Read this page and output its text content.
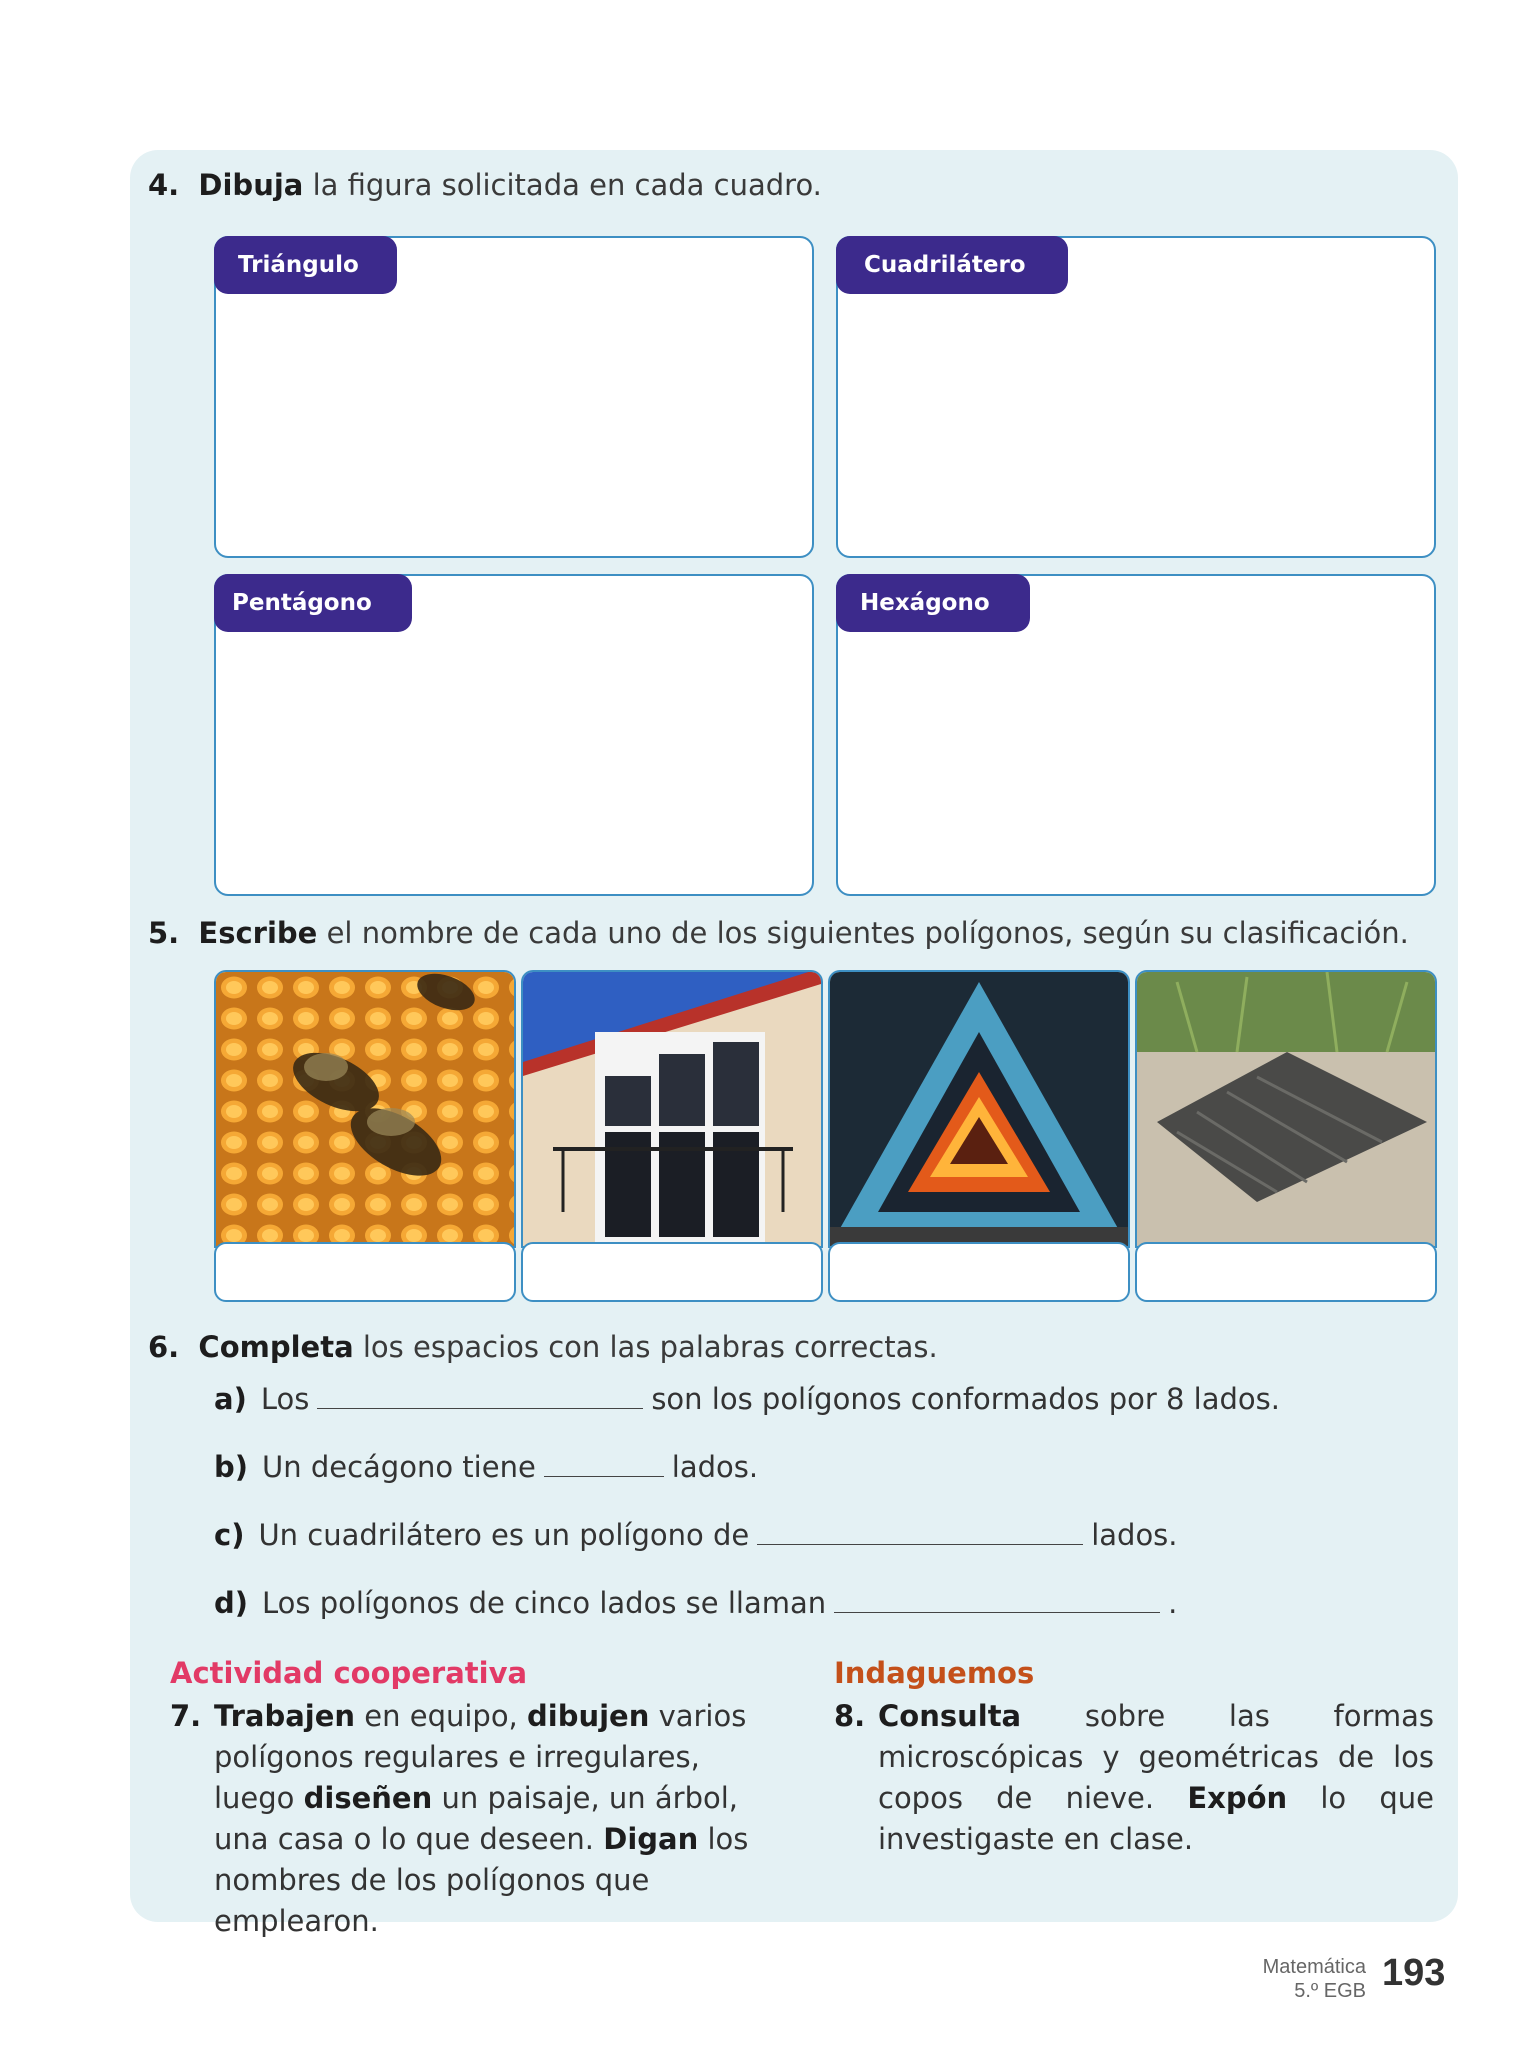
4. Dibuja la figura solicitada en cada cuadro.
Triángulo	Cuadrilátero
Pentágono	Hexágono
5. Escribe el nombre de cada uno de los siguientes polígonos, según su clasificación.
6. Completa los espacios con las palabras correctas.
a) Los	son los polígonos conformados por 8 lados.
b) Un decágono tiene	lados.
c) Un cuadrilátero es un polígono de	lados.
d) Los polígonos de cinco lados se llaman	.
Actividad cooperativa
7. Trabajen en equipo, dibujen varios polígonos regulares e irregulares, luego diseñen un paisaje, un árbol, una casa o lo que deseen. Digan los nombres de los polígonos que emplearon.
Indaguemos
8. Consulta sobre las formas microscópicas y geométricas de los copos de nieve. Expón lo que investigaste en clase.
Matemática
5.º EGB 193
